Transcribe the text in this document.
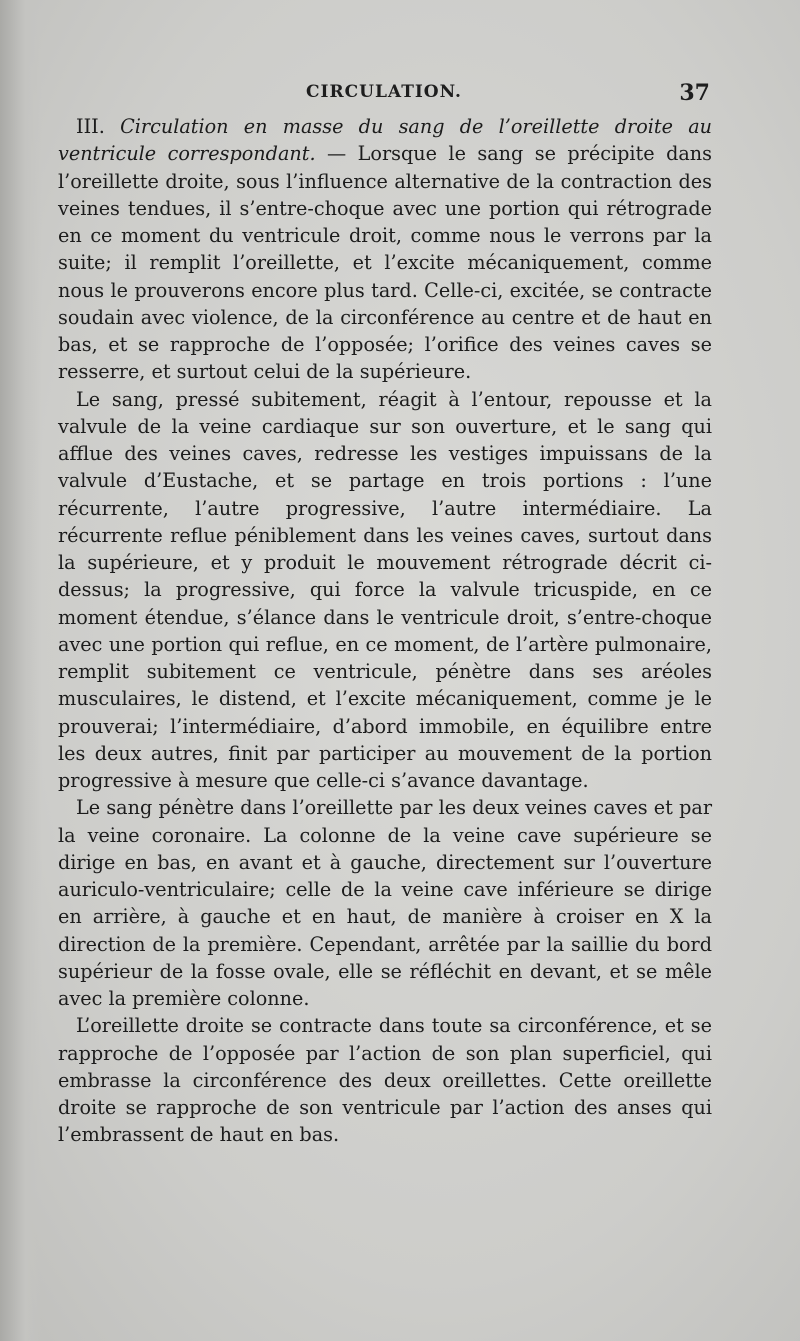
CIRCULATION.	37

III. Circulation en masse du sang de l’oreillette droite au ventricule correspondant. — Lorsque le sang se précipite dans l’oreillette droite, sous l’influence alternative de la contraction des veines tendues, il s’entre-choque avec une portion qui rétrograde en ce moment du ventricule droit, comme nous le verrons par la suite; il remplit l’oreillette, et l’excite mécaniquement, comme nous le prouverons encore plus tard. Celle-ci, excitée, se contracte soudain avec violence, de la circonférence au centre et de haut en bas, et se rapproche de l’opposée; l’orifice des veines caves se resserre, et surtout celui de la supérieure.

Le sang, pressé subitement, réagit à l’entour, repousse et la valvule de la veine cardiaque sur son ouverture, et le sang qui afflue des veines caves, redresse les vestiges impuissans de la valvule d’Eustache, et se partage en trois portions : l’une récurrente, l’autre progressive, l’autre intermédiaire. La récurrente reflue péniblement dans les veines caves, surtout dans la supérieure, et y produit le mouvement rétrograde décrit ci-dessus; la progressive, qui force la valvule tricuspide, en ce moment étendue, s’élance dans le ventricule droit, s’entre-choque avec une portion qui reflue, en ce moment, de l’artère pulmonaire, remplit subitement ce ventricule, pénètre dans ses aréoles musculaires, le distend, et l’excite mécaniquement, comme je le prouverai; l’intermédiaire, d’abord immobile, en équilibre entre les deux autres, finit par participer au mouvement de la portion progressive à mesure que celle-ci s’avance davantage.

Le sang pénètre dans l’oreillette par les deux veines caves et par la veine coronaire. La colonne de la veine cave supérieure se dirige en bas, en avant et à gauche, directement sur l’ouverture auriculo-ventriculaire; celle de la veine cave inférieure se dirige en arrière, à gauche et en haut, de manière à croiser en X la direction de la première. Cependant, arrêtée par la saillie du bord supérieur de la fosse ovale, elle se réfléchit en devant, et se mêle avec la première colonne.

L’oreillette droite se contracte dans toute sa circonférence, et se rapproche de l’opposée par l’action de son plan superficiel, qui embrasse la circonférence des deux oreillettes. Cette oreillette droite se rapproche de son ventricule par l’action des anses qui l’embrassent de haut en bas.
